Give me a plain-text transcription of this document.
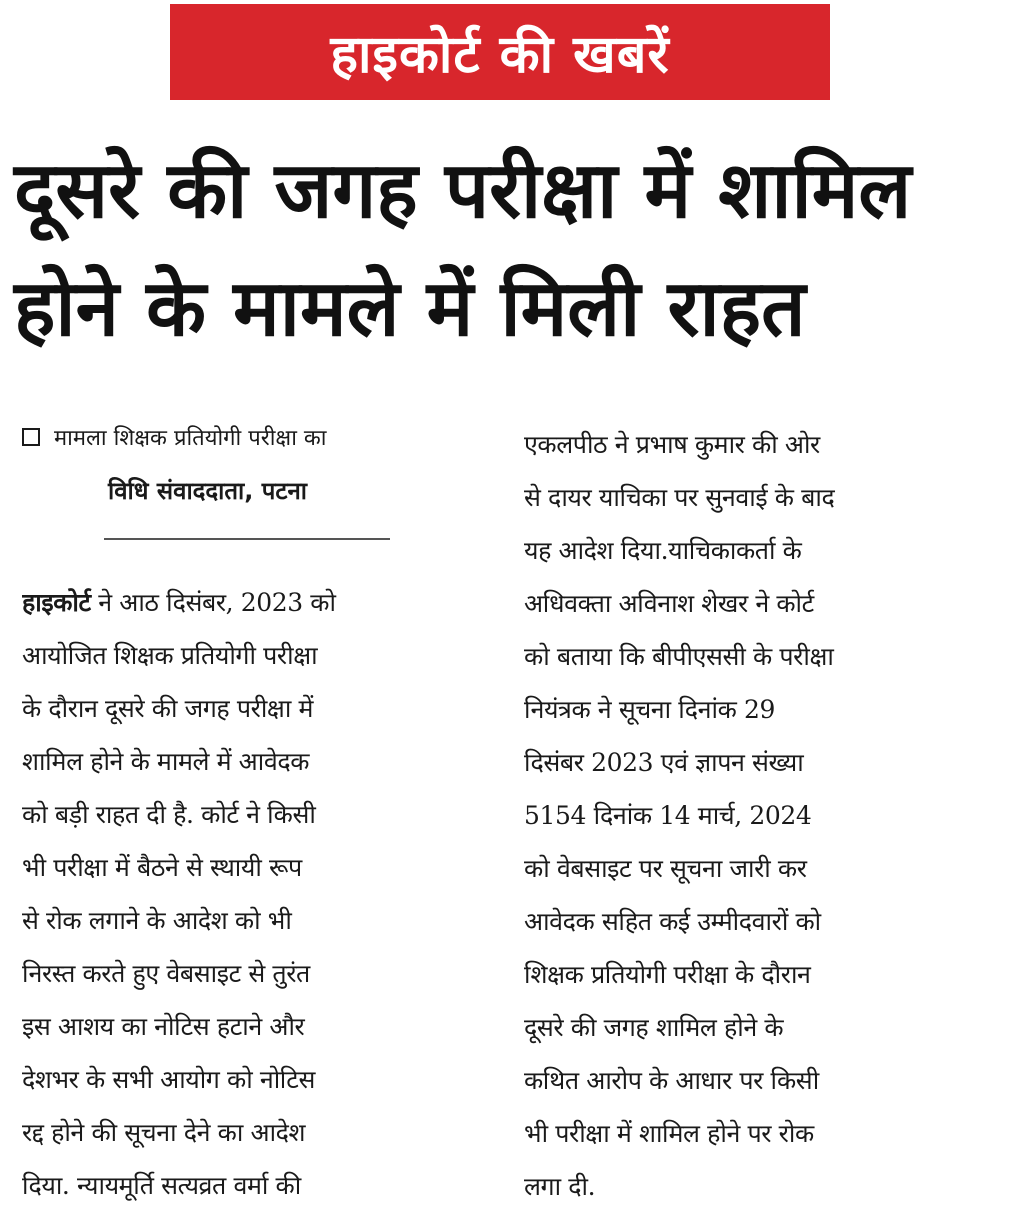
हाइकोर्ट की खबरें
दूसरे की जगह परीक्षा में शामिल
होने के मामले में मिली राहत
मामला शिक्षक प्रतियोगी परीक्षा का
विधि संवाददाता, पटना
हाइकोर्ट ने आठ दिसंबर, 2023 को
आयोजित शिक्षक प्रतियोगी परीक्षा
के दौरान दूसरे की जगह परीक्षा में
शामिल होने के मामले में आवेदक
को बड़ी राहत दी है. कोर्ट ने किसी
भी परीक्षा में बैठने से स्थायी रूप
से रोक लगाने के आदेश को भी
निरस्त करते हुए वेबसाइट से तुरंत
इस आशय का नोटिस हटाने और
देशभर के सभी आयोग को नोटिस
रद्द होने की सूचना देने का आदेश
दिया. न्यायमूर्ति सत्यव्रत वर्मा की
एकलपीठ ने प्रभाष कुमार की ओर
से दायर याचिका पर सुनवाई के बाद
यह आदेश दिया.याचिकाकर्ता के
अधिवक्ता अविनाश शेखर ने कोर्ट
को बताया कि बीपीएससी के परीक्षा
नियंत्रक ने सूचना दिनांक 29
दिसंबर 2023 एवं ज्ञापन संख्या
5154 दिनांक 14 मार्च, 2024
को वेबसाइट पर सूचना जारी कर
आवेदक सहित कई उम्मीदवारों को
शिक्षक प्रतियोगी परीक्षा के दौरान
दूसरे की जगह शामिल होने के
कथित आरोप के आधार पर किसी
भी परीक्षा में शामिल होने पर रोक
लगा दी.
